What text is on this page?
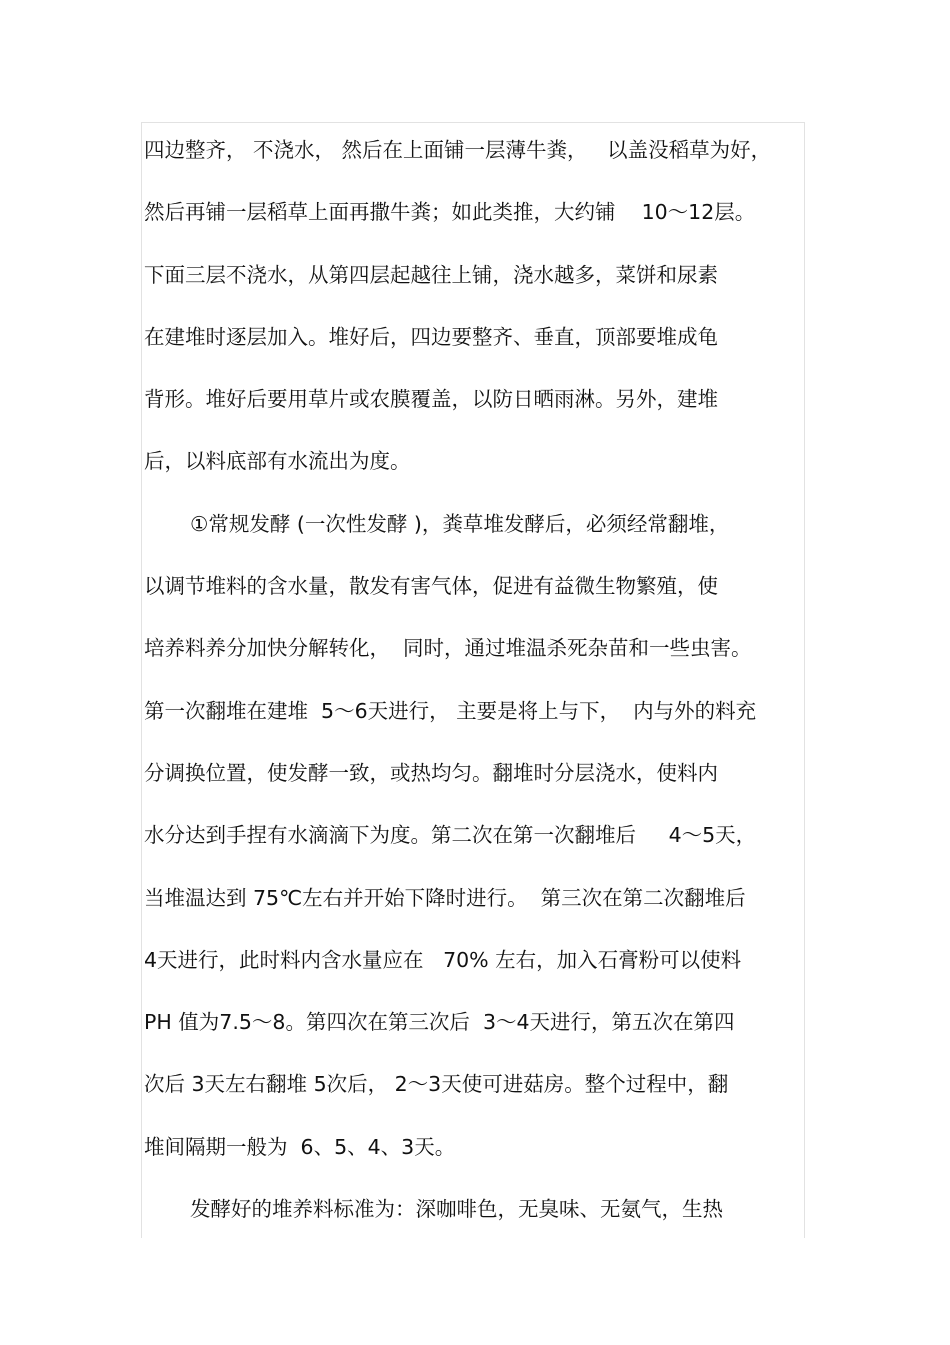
四边整齐， 不浇水， 然后在上面铺一层薄牛粪，   以盖没稻草为好，
然后再铺一层稻草上面再撒牛粪；如此类推，大约铺    10～12层。
下面三层不浇水，从第四层起越往上铺，浇水越多，菜饼和尿素
在建堆时逐层加入。堆好后，四边要整齐、垂直，顶部要堆成龟
背形。堆好后要用草片或农膜覆盖，以防日晒雨淋。另外，建堆
后，以料底部有水流出为度。
①常规发酵 (一次性发酵 )，粪草堆发酵后，必须经常翻堆，
以调节堆料的含水量，散发有害气体，促进有益微生物繁殖，使
培养料养分加快分解转化，  同时，通过堆温杀死杂苗和一些虫害。
第一次翻堆在建堆  5～6天进行， 主要是将上与下，  内与外的料充
分调换位置，使发酵一致，或热均匀。翻堆时分层浇水，使料内
水分达到手捏有水滴滴下为度。第二次在第一次翻堆后     4～5天，
当堆温达到 75℃左右并开始下降时进行。  第三次在第二次翻堆后
4天进行，此时料内含水量应在   70% 左右，加入石膏粉可以使料
PH 值为7.5～8。第四次在第三次后  3～4天进行，第五次在第四
次后 3天左右翻堆 5次后， 2～3天使可进菇房。整个过程中，翻
堆间隔期一般为  6、5、4、3天。
发酵好的堆养料标准为：深咖啡色，无臭味、无氨气，生热
